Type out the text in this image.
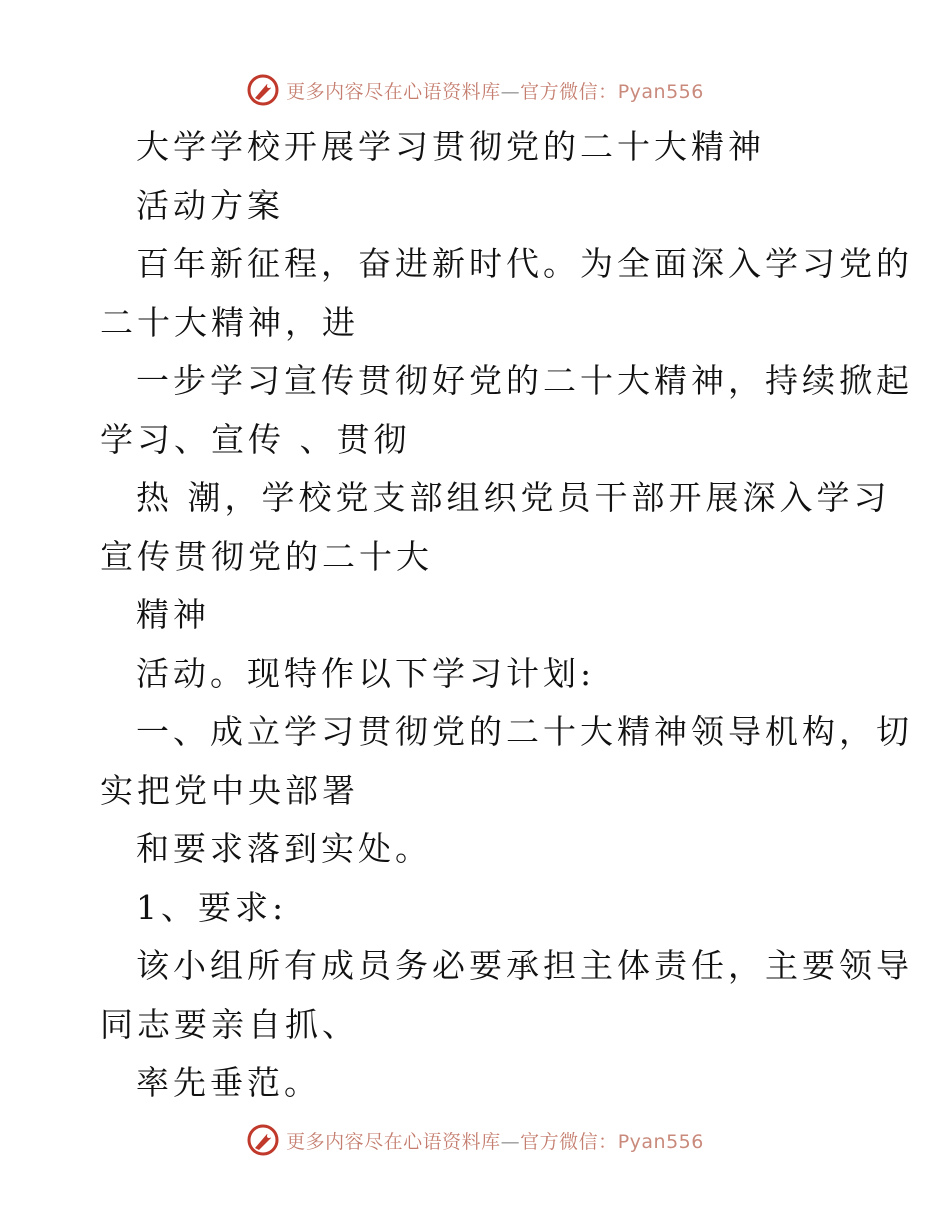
更多内容尽在心语资料库—官方微信：Pyan556
大学学校开展学习贯彻党的二十大精神
活动方案
百年新征程，奋进新时代。为全面深入学习党的
二十大精神，进
一步学习宣传贯彻好党的二十大精神，持续掀起
学习、宣传 、贯彻
热 潮，学校党支部组织党员干部开展深入学习
宣传贯彻党的二十大
精神
活动。现特作以下学习计划:
一、成立学习贯彻党的二十大精神领导机构，切
实把党中央部署
和要求落到实处。
1、要求:
该小组所有成员务必要承担主体责任，主要领导
同志要亲自抓、
率先垂范。
更多内容尽在心语资料库—官方微信：Pyan556
